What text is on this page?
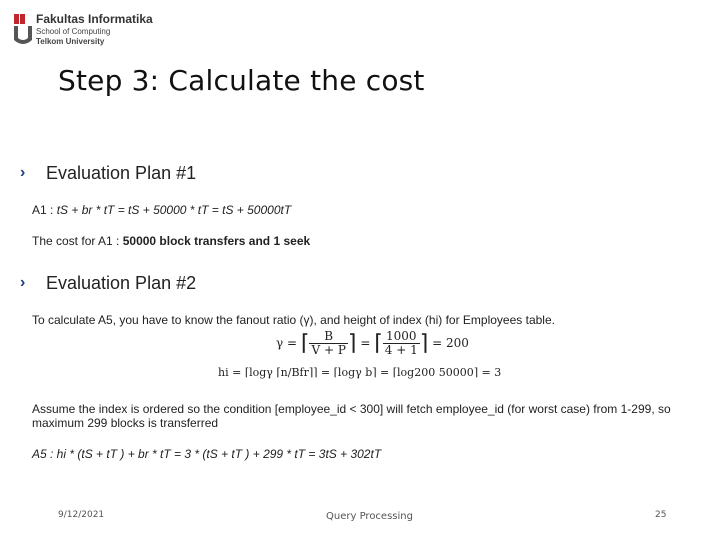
Fakultas Informatika
School of Computing
Telkom University
Step 3: Calculate the cost
› Evaluation Plan #1
A1 : tS + br * tT = tS + 50000 * tT = tS + 50000tT
The cost for A1 : 50000 block transfers and 1 seek
› Evaluation Plan #2
To calculate A5, you have to know the fanout ratio (γ), and height of index (hi) for Employees table.
γ = ⌈ $\frac{B}{V + P}$ ⌉ = ⌈ $\frac{1000}{4 + 1}$ ⌉ = 200
hi = ⌈logγ ⌈n/Bfr⌉⌉ = ⌈logγ b⌉ = ⌈log200 50000⌉ = 3
Assume the index is ordered so the condition [employee_id < 300] will fetch employee_id (for worst case) from 1-299, so maximum 299 blocks is transferred
A5 : hi * (tS + tT ) + br * tT = 3 * (tS + tT ) + 299 * tT = 3tS + 302tT
9/12/2021	Query Processing	25
